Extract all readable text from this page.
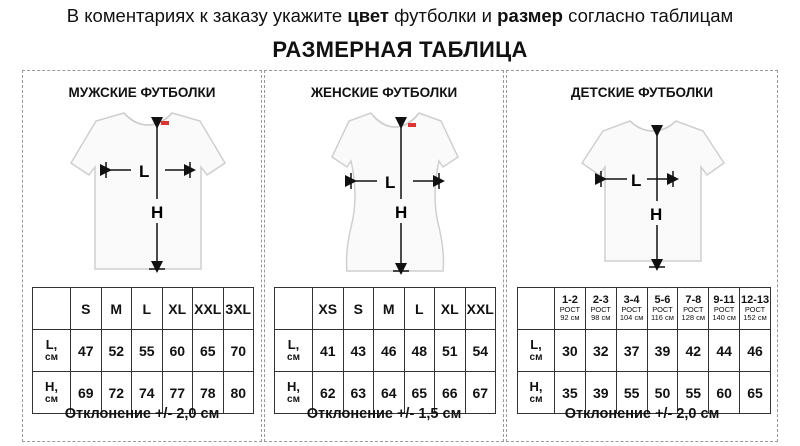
В коментариях к заказу укажите цвет футболки и размер согласно таблицам
РАЗМЕРНАЯ ТАБЛИЦА
МУЖСКИЕ ФУТБОЛКИ
L
H
	S	M	L	XL	XXL	3XL
L,
см	47	52	55	60	65	70
H,
см	69	72	74	77	78	80
Отклонение +/- 2,0 см
ЖЕНСКИЕ ФУТБОЛКИ
L
H
	XS	S	M	L	XL	XXL
L,
см	41	43	46	48	51	54
H,
см	62	63	64	65	66	67
Отклонение +/- 1,5 см
ДЕТСКИЕ ФУТБОЛКИ
L
H
	1-2
РОСТ
92 см	2-3
РОСТ
98 см	3-4
РОСТ
104 см	5-6
РОСТ
116 см	7-8
РОСТ
128 см	9-11
РОСТ
140 см	12-13
РОСТ
152 см

L,
см	30	32	37	39	42	44	46
H,
см	35	39	55	50	55	60	65
Отклонение +/- 2,0 см
